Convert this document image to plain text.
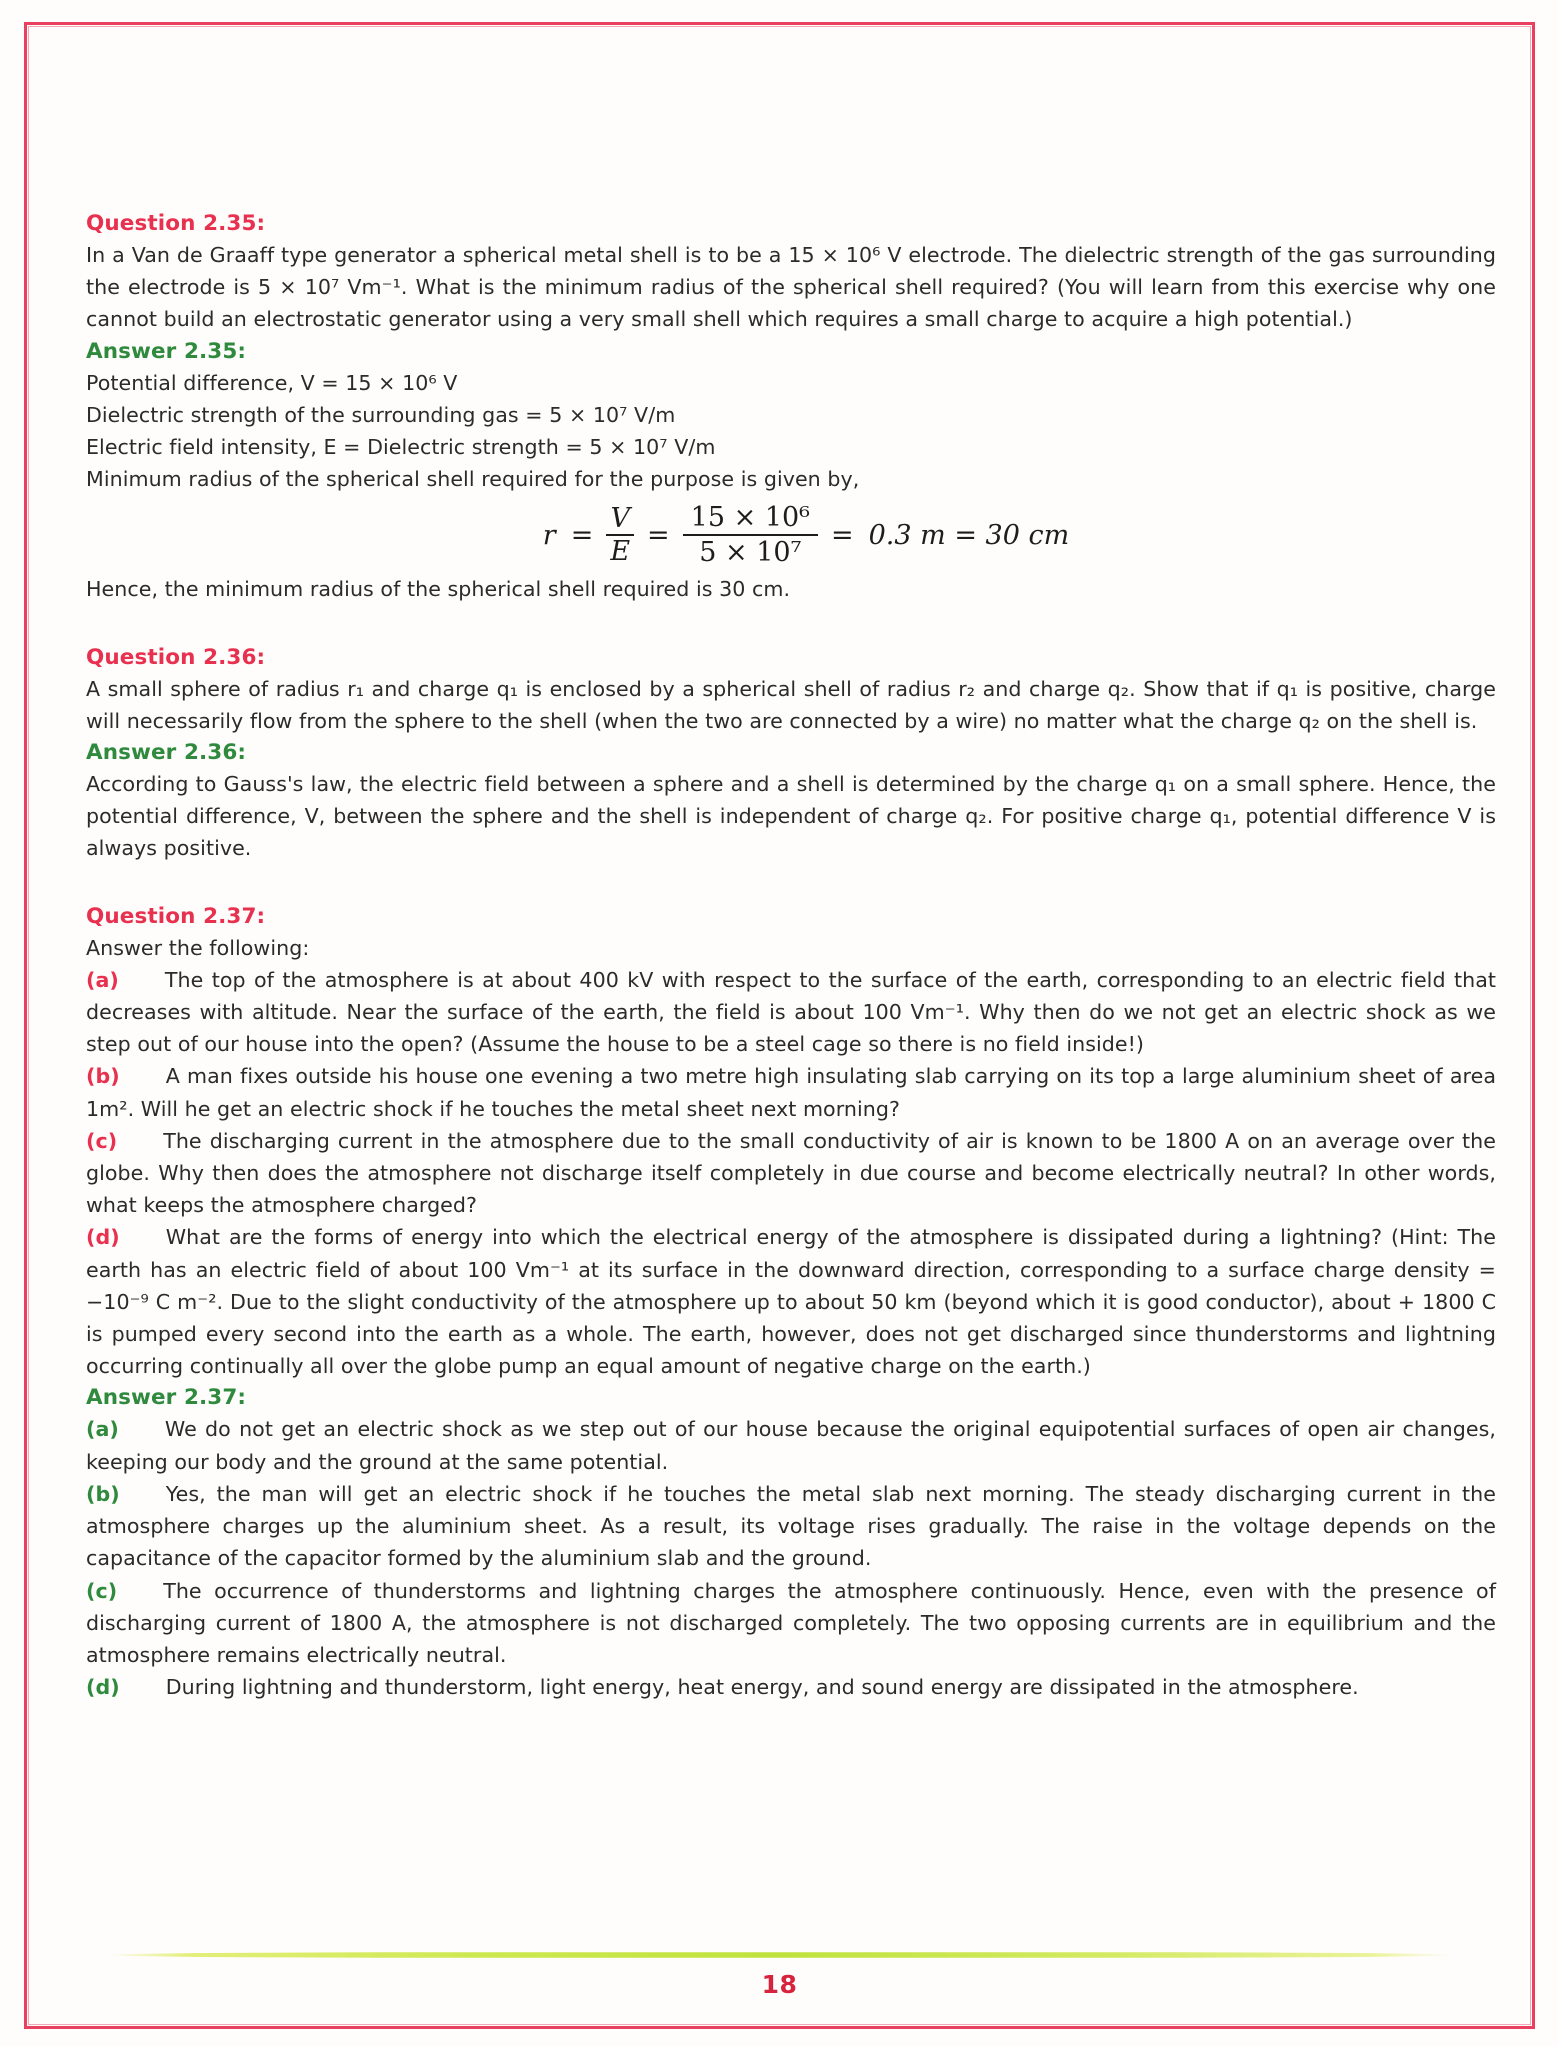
Question 2.35:

In a Van de Graaff type generator a spherical metal shell is to be a 15 × 10⁶ V electrode. The dielectric strength of the gas surrounding the electrode is 5 × 10⁷ Vm⁻¹. What is the minimum radius of the spherical shell required? (You will learn from this exercise why one cannot build an electrostatic generator using a very small shell which requires a small charge to acquire a high potential.)

Answer 2.35:

Potential difference, V = 15 × 10⁶ V

Dielectric strength of the surrounding gas = 5 × 10⁷ V/m

Electric field intensity, E = Dielectric strength = 5 × 10⁷ V/m

Minimum radius of the spherical shell required for the purpose is given by,

$r = \frac{V}{E} = \frac{\text{15 × 10⁶}}{\text{5 × 10⁷}} = 0.3$ m = 30 cm

Hence, the minimum radius of the spherical shell required is 30 cm.

Question 2.36:

A small sphere of radius r₁ and charge q₁ is enclosed by a spherical shell of radius r₂ and charge q₂. Show that if q₁ is positive, charge will necessarily flow from the sphere to the shell (when the two are connected by a wire) no matter what the charge q₂ on the shell is.

Answer 2.36:

According to Gauss's law, the electric field between a sphere and a shell is determined by the charge q₁ on a small sphere. Hence, the potential difference, V, between the sphere and the shell is independent of charge q₂. For positive charge q₁, potential difference V is always positive.

Question 2.37:

Answer the following:

(a) The top of the atmosphere is at about 400 kV with respect to the surface of the earth, corresponding to an electric field that decreases with altitude. Near the surface of the earth, the field is about 100 Vm⁻¹. Why then do we not get an electric shock as we step out of our house into the open? (Assume the house to be a steel cage so there is no field inside!)

(b) A man fixes outside his house one evening a two metre high insulating slab carrying on its top a large aluminium sheet of area 1m². Will he get an electric shock if he touches the metal sheet next morning?

(c) The discharging current in the atmosphere due to the small conductivity of air is known to be 1800 A on an average over the globe. Why then does the atmosphere not discharge itself completely in due course and become electrically neutral? In other words, what keeps the atmosphere charged?

(d) What are the forms of energy into which the electrical energy of the atmosphere is dissipated during a lightning? (Hint: The earth has an electric field of about 100 Vm⁻¹ at its surface in the downward direction, corresponding to a surface charge density = −10⁻⁹ C m⁻². Due to the slight conductivity of the atmosphere up to about 50 km (beyond which it is good conductor), about + 1800 C is pumped every second into the earth as a whole. The earth, however, does not get discharged since thunderstorms and lightning occurring continually all over the globe pump an equal amount of negative charge on the earth.)

Answer 2.37:

(a) We do not get an electric shock as we step out of our house because the original equipotential surfaces of open air changes, keeping our body and the ground at the same potential.

(b) Yes, the man will get an electric shock if he touches the metal slab next morning. The steady discharging current in the atmosphere charges up the aluminium sheet. As a result, its voltage rises gradually. The raise in the voltage depends on the capacitance of the capacitor formed by the aluminium slab and the ground.

(c) The occurrence of thunderstorms and lightning charges the atmosphere continuously. Hence, even with the presence of discharging current of 1800 A, the atmosphere is not discharged completely. The two opposing currents are in equilibrium and the atmosphere remains electrically neutral.

(d) During lightning and thunderstorm, light energy, heat energy, and sound energy are dissipated in the atmosphere.

18
